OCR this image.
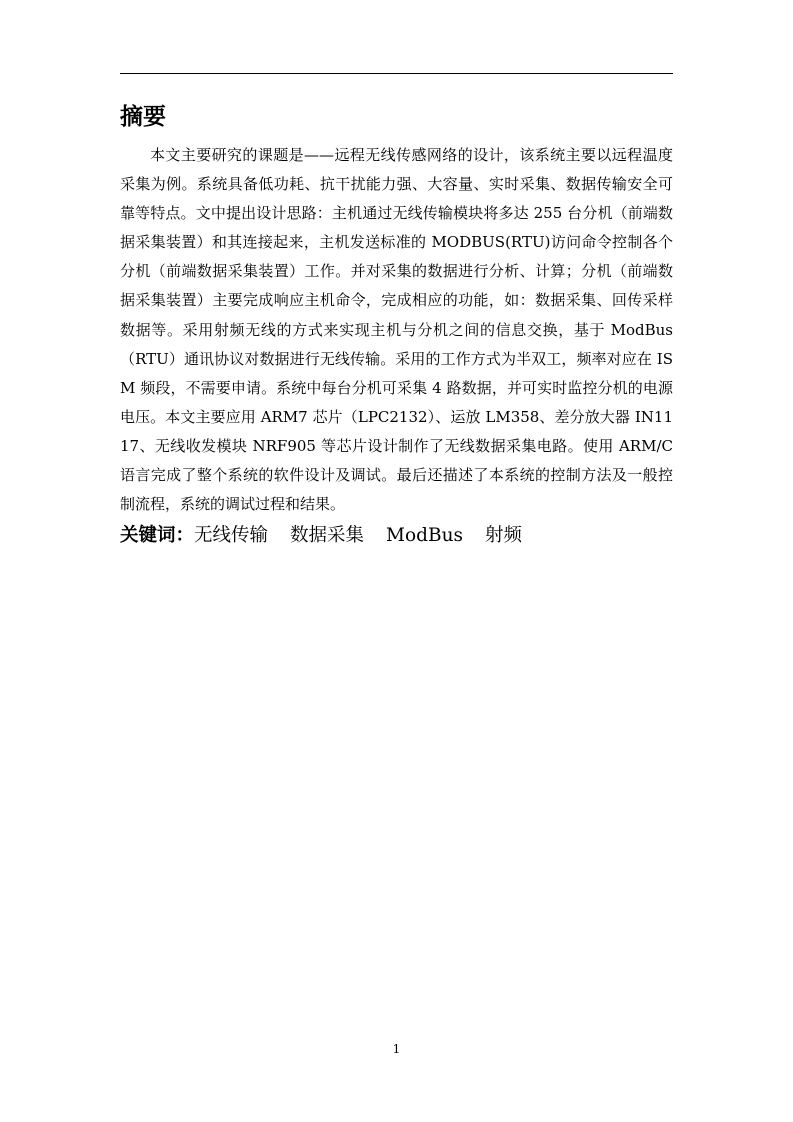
摘要

本文主要研究的课题是——远程无线传感网络的设计，该系统主要以远程温度采集为例。系统具备低功耗、抗干扰能力强、大容量、实时采集、数据传输安全可靠等特点。文中提出设计思路：主机通过无线传输模块将多达 255 台分机（前端数据采集装置）和其连接起来，主机发送标准的 MODBUS(RTU)访问命令控制各个分机（前端数据采集装置）工作。并对采集的数据进行分析、计算；分机（前端数据采集装置）主要完成响应主机命令，完成相应的功能，如：数据采集、回传采样数据等。采用射频无线的方式来实现主机与分机之间的信息交换，基于 ModBus（RTU）通讯协议对数据进行无线传输。采用的工作方式为半双工，频率对应在 ISM 频段，不需要申请。系统中每台分机可采集 4 路数据，并可实时监控分机的电源电压。本文主要应用 ARM7 芯片（LPC2132）、运放 LM358、差分放大器 IN1117、无线收发模块 NRF905 等芯片设计制作了无线数据采集电路。使用 ARM/C 语言完成了整个系统的软件设计及调试。最后还描述了本系统的控制方法及一般控制流程，系统的调试过程和结果。

关键词：无线传输 数据采集 ModBus 射频
1
